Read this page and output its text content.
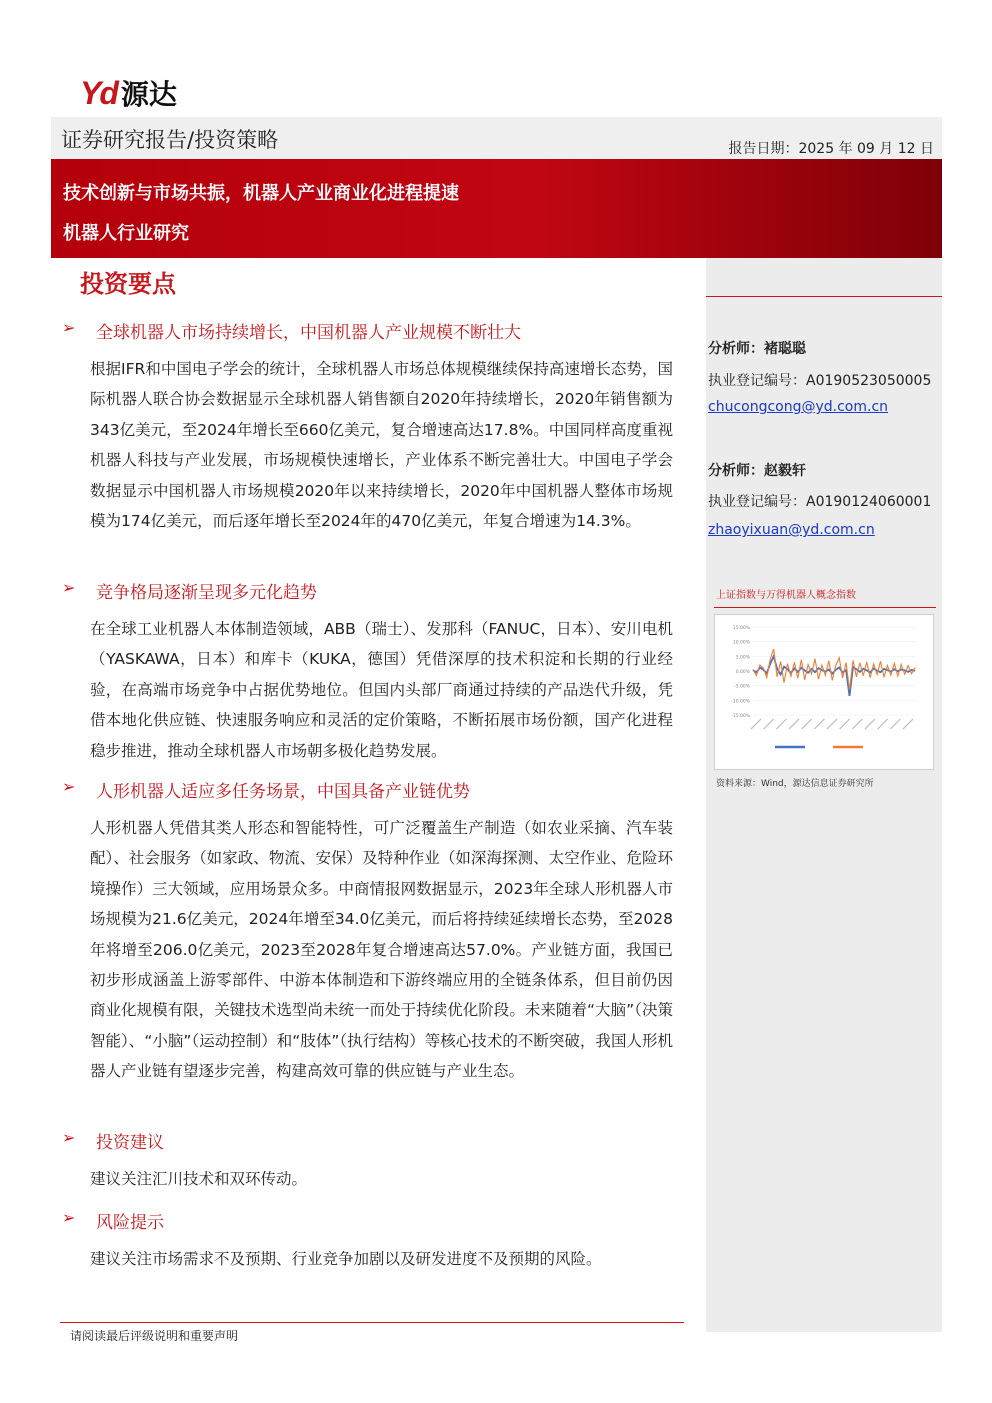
Yd 源达
证券研究报告/投资策略	报告日期：2025 年 09 月 12 日
技术创新与市场共振，机器人产业商业化进程提速
机器人行业研究
分析师：褚聪聪
执业登记编号：A0190523050005
chucongcong@yd.com.cn
分析师：赵毅轩
执业登记编号：A0190124060001
zhaoyixuan@yd.com.cn
上证指数与万得机器人概念指数
15.00%
10.00%
5.00%
0.00%
-5.00%
-10.00%
-15.00%
资料来源：Wind，源达信息证券研究所
投资要点
➢ 全球机器人市场持续增长，中国机器人产业规模不断壮大
根据IFR和中国电子学会的统计，全球机器人市场总体规模继续保持高速增长态势，国际机器人联合协会数据显示全球机器人销售额自2020年持续增长，2020年销售额为343亿美元，至2024年增长至660亿美元，复合增速高达17.8%。中国同样高度重视机器人科技与产业发展，市场规模快速增长，产业体系不断完善壮大。中国电子学会数据显示中国机器人市场规模2020年以来持续增长，2020年中国机器人整体市场规模为174亿美元，而后逐年增长至2024年的470亿美元，年复合增速为14.3%。
➢ 竞争格局逐渐呈现多元化趋势
在全球工业机器人本体制造领域，ABB（瑞士）、发那科（FANUC，日本）、安川电机（YASKAWA，日本）和库卡（KUKA，德国）凭借深厚的技术积淀和长期的行业经验，在高端市场竞争中占据优势地位。但国内头部厂商通过持续的产品迭代升级，凭借本地化供应链、快速服务响应和灵活的定价策略，不断拓展市场份额，国产化进程稳步推进，推动全球机器人市场朝多极化趋势发展。
➢ 人形机器人适应多任务场景，中国具备产业链优势
人形机器人凭借其类人形态和智能特性，可广泛覆盖生产制造（如农业采摘、汽车装配）、社会服务（如家政、物流、安保）及特种作业（如深海探测、太空作业、危险环境操作）三大领域，应用场景众多。中商情报网数据显示，2023年全球人形机器人市场规模为21.6亿美元，2024年增至34.0亿美元，而后将持续延续增长态势，至2028年将增至206.0亿美元，2023至2028年复合增速高达57.0%。产业链方面，我国已初步形成涵盖上游零部件、中游本体制造和下游终端应用的全链条体系，但目前仍因商业化规模有限，关键技术选型尚未统一而处于持续优化阶段。未来随着“大脑”（决策智能）、“小脑”（运动控制）和“肢体”（执行结构）等核心技术的不断突破，我国人形机器人产业链有望逐步完善，构建高效可靠的供应链与产业生态。
➢ 投资建议
建议关注汇川技术和双环传动。
➢ 风险提示
建议关注市场需求不及预期、行业竞争加剧以及研发进度不及预期的风险。
请阅读最后评级说明和重要声明
